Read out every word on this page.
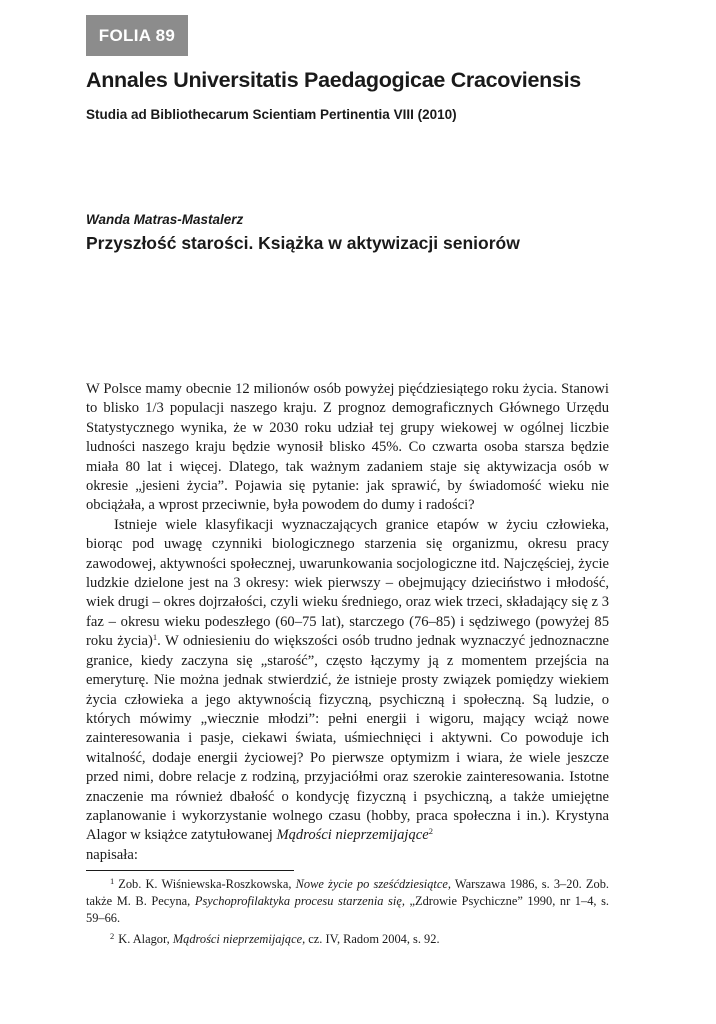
FOLIA 89
Annales Universitatis Paedagogicae Cracoviensis
Studia ad Bibliothecarum Scientiam Pertinentia VIII (2010)
Wanda Matras-Mastalerz
Przyszłość starości. Książka w aktywizacji seniorów

W Polsce mamy obecnie 12 milionów osób powyżej pięćdziesiątego roku życia. Stanowi to blisko 1/3 populacji naszego kraju. Z prognoz demograficznych Głównego Urzędu Statystycznego wynika, że w 2030 roku udział tej grupy wiekowej w ogólnej liczbie ludności naszego kraju będzie wynosił blisko 45%. Co czwarta osoba starsza będzie miała 80 lat i więcej. Dlatego, tak ważnym zadaniem staje się aktywizacja osób w okresie „jesieni życia”. Pojawia się pytanie: jak sprawić, by świadomość wieku nie obciążała, a wprost przeciwnie, była powodem do dumy i radości?

Istnieje wiele klasyfikacji wyznaczających granice etapów w życiu człowieka, biorąc pod uwagę czynniki biologicznego starzenia się organizmu, okresu pracy zawodowej, aktywności społecznej, uwarunkowania socjologiczne itd. Najczęściej, życie ludzkie dzielone jest na 3 okresy: wiek pierwszy – obejmujący dzieciństwo i młodość, wiek drugi – okres dojrzałości, czyli wieku średniego, oraz wiek trzeci, składający się z 3 faz – okresu wieku podeszłego (60–75 lat), starczego (76–85) i sędziwego (powyżej 85 roku życia)$^1$. W odniesieniu do większości osób trudno jednak wyznaczyć jednoznaczne granice, kiedy zaczyna się „starość”, często łączymy ją z momentem przejścia na emeryturę. Nie można jednak stwierdzić, że istnieje prosty związek pomiędzy wiekiem życia człowieka a jego aktywnością fizyczną, psychiczną i społeczną. Są ludzie, o których mówimy „wiecznie młodzi”: pełni energii i wigoru, mający wciąż nowe zainteresowania i pasje, ciekawi świata, uśmiechnięci i aktywni. Co powoduje ich witalność, dodaje energii życiowej? Po pierwsze optymizm i wiara, że wiele jeszcze przed nimi, dobre relacje z rodziną, przyjaciółmi oraz szerokie zainteresowania. Istotne znaczenie ma również dbałość o kondycję fizyczną i psychiczną, a także umiejętne zaplanowanie i wykorzystanie wolnego czasu (hobby, praca społeczna i in.). Krystyna Alagor w książce zatytułowanej Mądrości nieprzemijające$^2$

napisała:

$^1$ Zob. K. Wiśniewska-Roszkowska, Nowe życie po sześćdziesiątce, Warszawa 1986, s. 3–20. Zob. także M. B. Pecyna, Psychoprofilaktyka procesu starzenia się, „Zdrowie Psychiczne” 1990, nr 1–4, s. 59–66.

$^2$ K. Alagor, Mądrości nieprzemijające, cz. IV, Radom 2004, s. 92.
